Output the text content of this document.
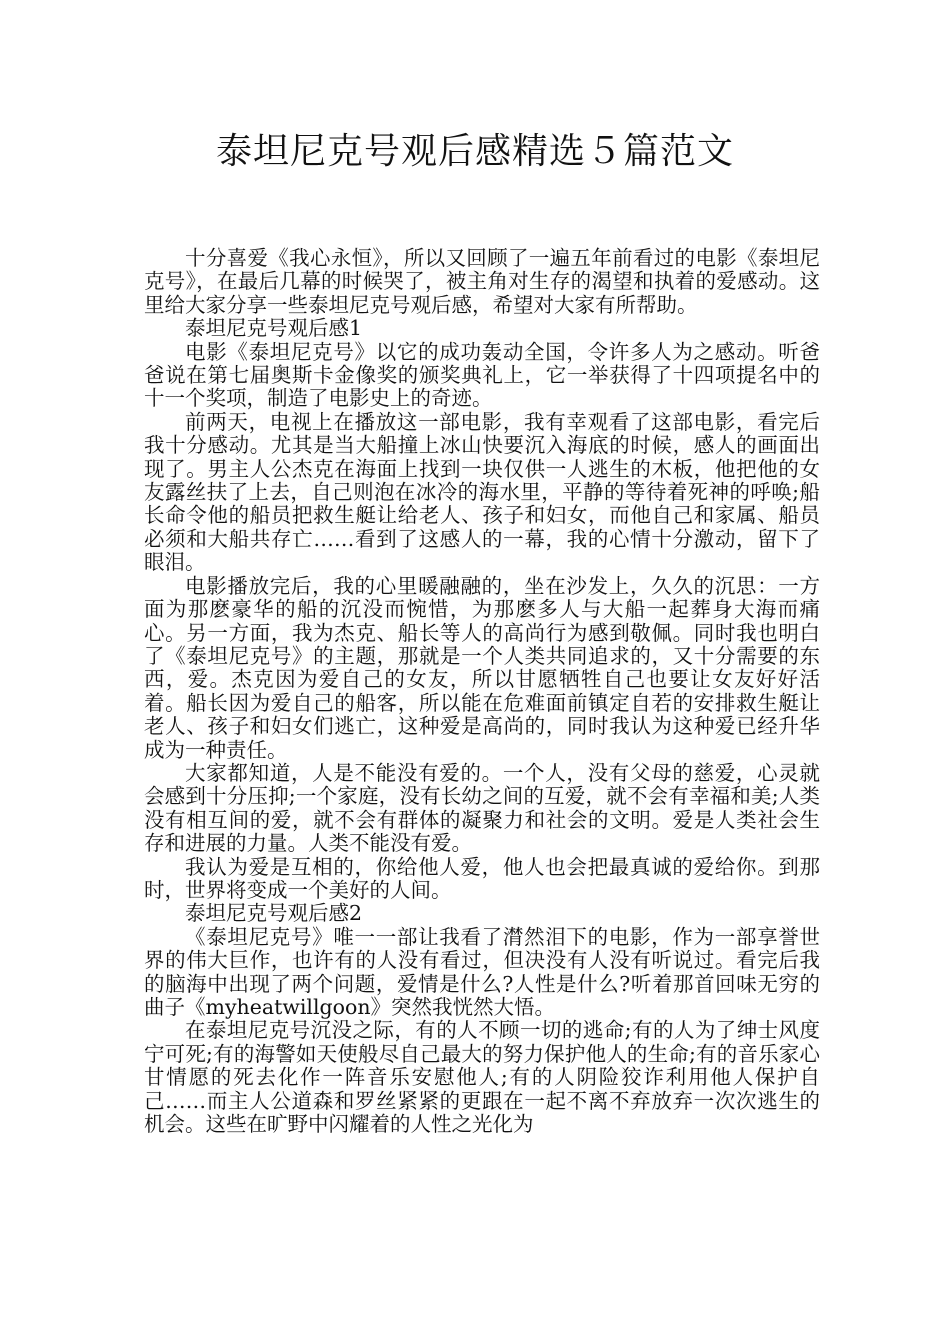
泰坦尼克号观后感精选５篇范文

十分喜爱《我心永恒》，所以又回顾了一遍五年前看过的电影《泰坦尼克号》，在最后几幕的时候哭了，被主角对生存的渴望和执着的爱感动。这里给大家分享一些泰坦尼克号观后感，希望对大家有所帮助。

泰坦尼克号观后感1

电影《泰坦尼克号》以它的成功轰动全国，令许多人为之感动。听爸爸说在第七届奥斯卡金像奖的颁奖典礼上，它一举获得了十四项提名中的十一个奖项，制造了电影史上的奇迹。

前两天，电视上在播放这一部电影，我有幸观看了这部电影，看完后我十分感动。尤其是当大船撞上冰山快要沉入海底的时候，感人的画面出现了。男主人公杰克在海面上找到一块仅供一人逃生的木板，他把他的女友露丝扶了上去，自己则泡在冰冷的海水里，平静的等待着死神的呼唤;船长命令他的船员把救生艇让给老人、孩子和妇女，而他自己和家属、船员必须和大船共存亡……看到了这感人的一幕，我的心情十分激动，留下了眼泪。

电影播放完后，我的心里暖融融的，坐在沙发上，久久的沉思：一方面为那麽豪华的船的沉没而惋惜，为那麽多人与大船一起葬身大海而痛心。另一方面，我为杰克、船长等人的高尚行为感到敬佩。同时我也明白了《泰坦尼克号》的主题，那就是一个人类共同追求的，又十分需要的东西，爱。杰克因为爱自己的女友，所以甘愿牺牲自己也要让女友好好活着。船长因为爱自己的船客，所以能在危难面前镇定自若的安排救生艇让老人、孩子和妇女们逃亡，这种爱是高尚的，同时我认为这种爱已经升华成为一种责任。

大家都知道，人是不能没有爱的。一个人，没有父母的慈爱，心灵就会感到十分压抑;一个家庭，没有长幼之间的互爱，就不会有幸福和美;人类没有相互间的爱，就不会有群体的凝聚力和社会的文明。爱是人类社会生存和进展的力量。人类不能没有爱。

我认为爱是互相的，你给他人爱，他人也会把最真诚的爱给你。到那时，世界将变成一个美好的人间。

泰坦尼克号观后感2

《泰坦尼克号》唯一一部让我看了潸然泪下的电影，作为一部享誉世界的伟大巨作，也许有的人没有看过，但决没有人没有听说过。看完后我的脑海中出现了两个问题，爱情是什么?人性是什么?听着那首回味无穷的曲子《myheatwillgoon》突然我恍然大悟。

在泰坦尼克号沉没之际，有的人不顾一切的逃命;有的人为了绅士风度宁可死;有的海警如天使般尽自己最大的努力保护他人的生命;有的音乐家心甘情愿的死去化作一阵音乐安慰他人;有的人阴险狡诈利用他人保护自己……而主人公道森和罗丝紧紧的更跟在一起不离不弃放弃一次次逃生的机会。这些在旷野中闪耀着的人性之光化为
